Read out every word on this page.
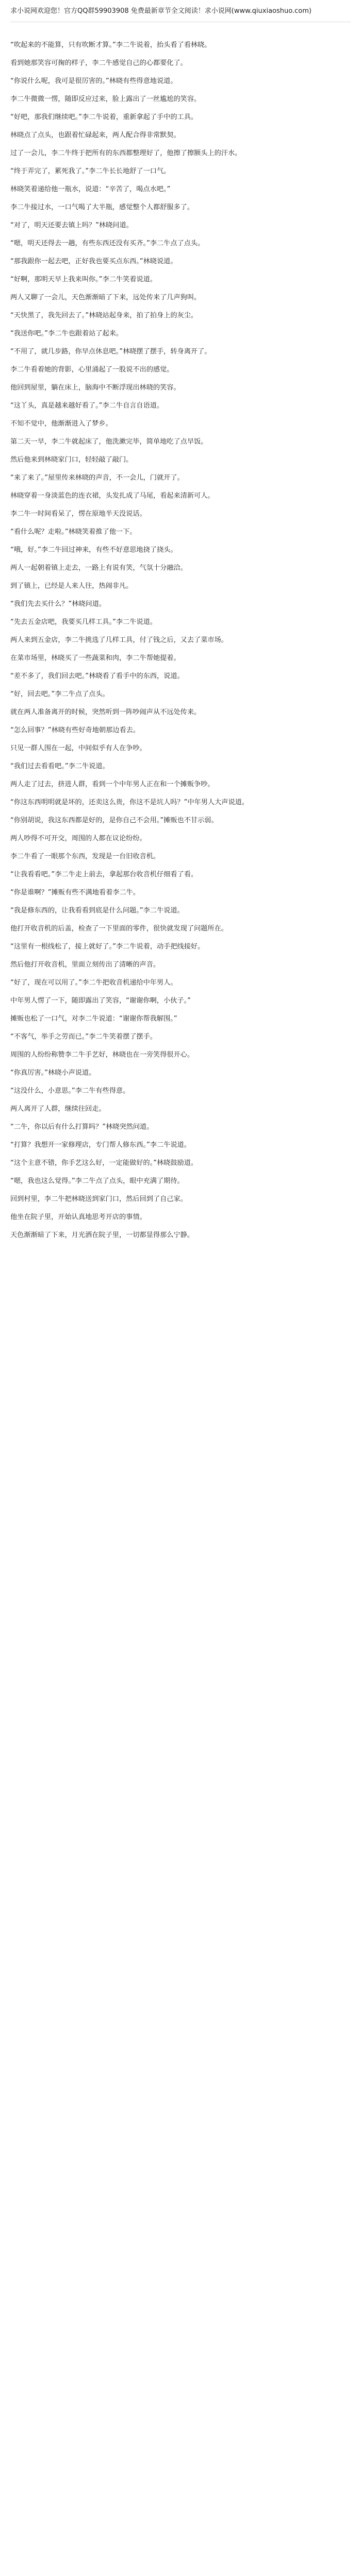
求小说网欢迎您！官方QQ群59903908 免费最新章节全文阅读！求小说网(www.qiuxiaoshuo.com)

“吹起来的不能算，只有吹断才算。”李二牛说着，抬头看了看林晓。

看到她那笑容可掬的样子，李二牛感觉自己的心都要化了。

“你说什么呢，我可是很厉害的。”林晓有些得意地说道。

李二牛微微一愣，随即反应过来，脸上露出了一丝尴尬的笑容。

“好吧，那我们继续吧。”李二牛说着，重新拿起了手中的工具。

林晓点了点头，也跟着忙碌起来，两人配合得非常默契。

过了一会儿，李二牛终于把所有的东西都整理好了，他擦了擦额头上的汗水。

“终于弄完了，累死我了。”李二牛长长地舒了一口气。

林晓笑着递给他一瓶水，说道：“辛苦了，喝点水吧。”

李二牛接过水，一口气喝了大半瓶，感觉整个人都舒服多了。

“对了，明天还要去镇上吗？”林晓问道。

“嗯，明天还得去一趟，有些东西还没有买齐。”李二牛点了点头。

“那我跟你一起去吧，正好我也要买点东西。”林晓说道。

“好啊，那明天早上我来叫你。”李二牛笑着说道。

两人又聊了一会儿，天色渐渐暗了下来，远处传来了几声狗叫。

“天快黑了，我先回去了。”林晓站起身来，拍了拍身上的灰尘。

“我送你吧。”李二牛也跟着站了起来。

“不用了，就几步路，你早点休息吧。”林晓摆了摆手，转身离开了。

李二牛看着她的背影，心里涌起了一股说不出的感觉。

他回到屋里，躺在床上，脑海中不断浮现出林晓的笑容。

“这丫头，真是越来越好看了。”李二牛自言自语道。

不知不觉中，他渐渐进入了梦乡。

第二天一早，李二牛就起床了，他洗漱完毕，简单地吃了点早饭。

然后他来到林晓家门口，轻轻敲了敲门。

“来了来了。”屋里传来林晓的声音，不一会儿，门就开了。

林晓穿着一身淡蓝色的连衣裙，头发扎成了马尾，看起来清新可人。

李二牛一时间看呆了，愣在原地半天没说话。

“看什么呢？走啦。”林晓笑着推了他一下。

“哦，好。”李二牛回过神来，有些不好意思地挠了挠头。

两人一起朝着镇上走去，一路上有说有笑，气氛十分融洽。

到了镇上，已经是人来人往，热闹非凡。

“我们先去买什么？”林晓问道。

“先去五金店吧，我要买几样工具。”李二牛说道。

两人来到五金店，李二牛挑选了几样工具，付了钱之后，又去了菜市场。

在菜市场里，林晓买了一些蔬菜和肉，李二牛帮她提着。

“差不多了，我们回去吧。”林晓看了看手中的东西，说道。

“好，回去吧。”李二牛点了点头。

就在两人准备离开的时候，突然听到一阵吵闹声从不远处传来。

“怎么回事？”林晓有些好奇地朝那边看去。

只见一群人围在一起，中间似乎有人在争吵。

“我们过去看看吧。”李二牛说道。

两人走了过去，挤进人群，看到一个中年男人正在和一个摊贩争吵。

“你这东西明明就是坏的，还卖这么贵，你这不是坑人吗？”中年男人大声说道。

“你别胡说，我这东西都是好的，是你自己不会用。”摊贩也不甘示弱。

两人吵得不可开交，周围的人都在议论纷纷。

李二牛看了一眼那个东西，发现是一台旧收音机。

“让我看看吧。”李二牛走上前去，拿起那台收音机仔细看了看。

“你是谁啊？”摊贩有些不满地看着李二牛。

“我是修东西的，让我看看到底是什么问题。”李二牛说道。

他打开收音机的后盖，检查了一下里面的零件，很快就发现了问题所在。

“这里有一根线松了，接上就好了。”李二牛说着，动手把线接好。

然后他打开收音机，里面立刻传出了清晰的声音。

“好了，现在可以用了。”李二牛把收音机递给中年男人。

中年男人愣了一下，随即露出了笑容，“谢谢你啊，小伙子。”

摊贩也松了一口气，对李二牛说道：“谢谢你帮我解围。”

“不客气，举手之劳而已。”李二牛笑着摆了摆手。

周围的人纷纷称赞李二牛手艺好，林晓也在一旁笑得很开心。

“你真厉害。”林晓小声说道。

“这没什么，小意思。”李二牛有些得意。

两人离开了人群，继续往回走。

“二牛，你以后有什么打算吗？”林晓突然问道。

“打算？我想开一家修理店，专门帮人修东西。”李二牛说道。

“这个主意不错，你手艺这么好，一定能做好的。”林晓鼓励道。

“嗯，我也这么觉得。”李二牛点了点头，眼中充满了期待。

回到村里，李二牛把林晓送到家门口，然后回到了自己家。

他坐在院子里，开始认真地思考开店的事情。

天色渐渐暗了下来，月光洒在院子里，一切都显得那么宁静。
